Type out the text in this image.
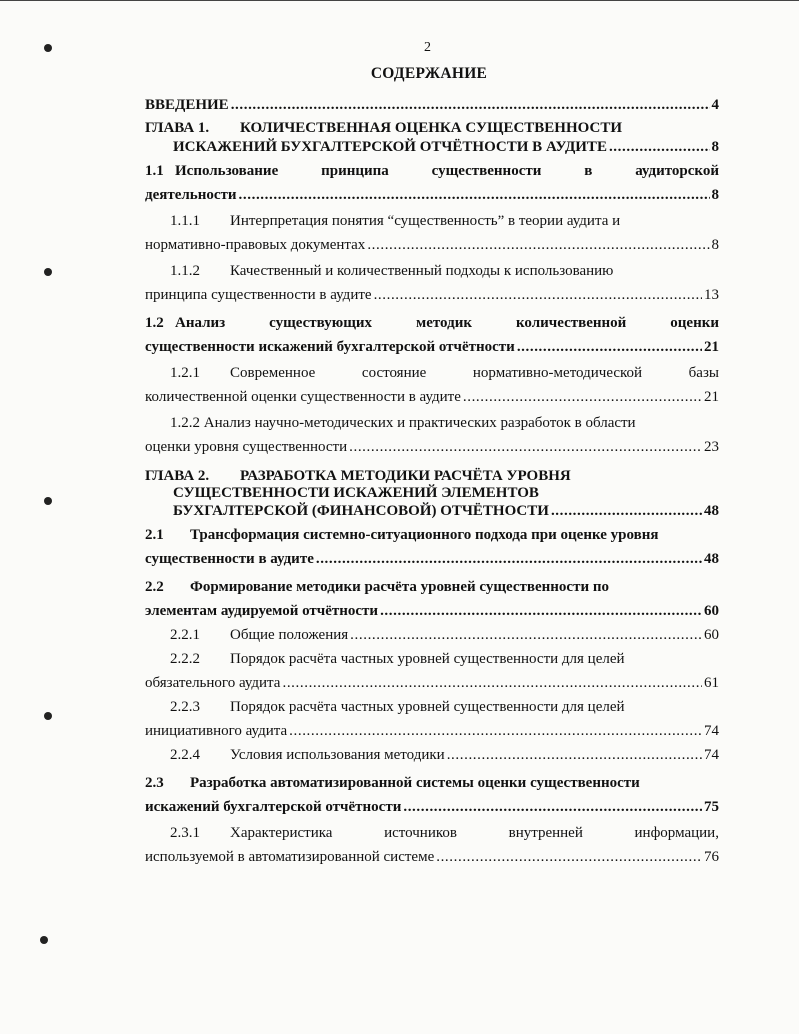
2
СОДЕРЖАНИЕ
ВВЕДЕНИЕ .....	4
ГЛАВА 1. КОЛИЧЕСТВЕННАЯ ОЦЕНКА СУЩЕСТВЕННОСТИ
ИСКАЖЕНИЙ БУХГАЛТЕРСКОЙ ОТЧЁТНОСТИ В АУДИТЕ .....	8
1.1 Использование	принципа	существенности	в	аудиторской
деятельности .....	8
1.1.1	Интерпретация понятия “существенность” в теории аудита и
нормативно-правовых документах .....	8
1.1.2	Качественный и количественный подходы к использованию
принципа существенности в аудите .....	13
1.2 Анализ	существующих	методик	количественной	оценки
существенности искажений бухгалтерской отчётности .....	21
1.2.1 Современное	состояние	нормативно-методической	базы
количественной оценки существенности в аудите .....	21
1.2.2 Анализ научно-методических и практических разработок в области
оценки уровня существенности .....	23
ГЛАВА 2. РАЗРАБОТКА МЕТОДИКИ РАСЧЁТА УРОВНЯ
СУЩЕСТВЕННОСТИ ИСКАЖЕНИЙ ЭЛЕМЕНТОВ
БУХГАЛТЕРСКОЙ (ФИНАНСОВОЙ) ОТЧЁТНОСТИ .....	48
2.1	Трансформация системно-ситуационного подхода при оценке уровня
существенности в аудите .....	48
2.2	Формирование методики расчёта уровней существенности по
элементам аудируемой отчётности .....	60
2.2.1	Общие положения .....	60
2.2.2	Порядок расчёта частных уровней существенности для целей
обязательного аудита .....	61
2.2.3	Порядок расчёта частных уровней существенности для целей
инициативного аудита .....	74
2.2.4	Условия использования методики .....	74
2.3	Разработка автоматизированной системы оценки существенности
искажений бухгалтерской отчётности .....	75
2.3.1 Характеристика	источников	внутренней	информации,
используемой в автоматизированной системе .....	76
